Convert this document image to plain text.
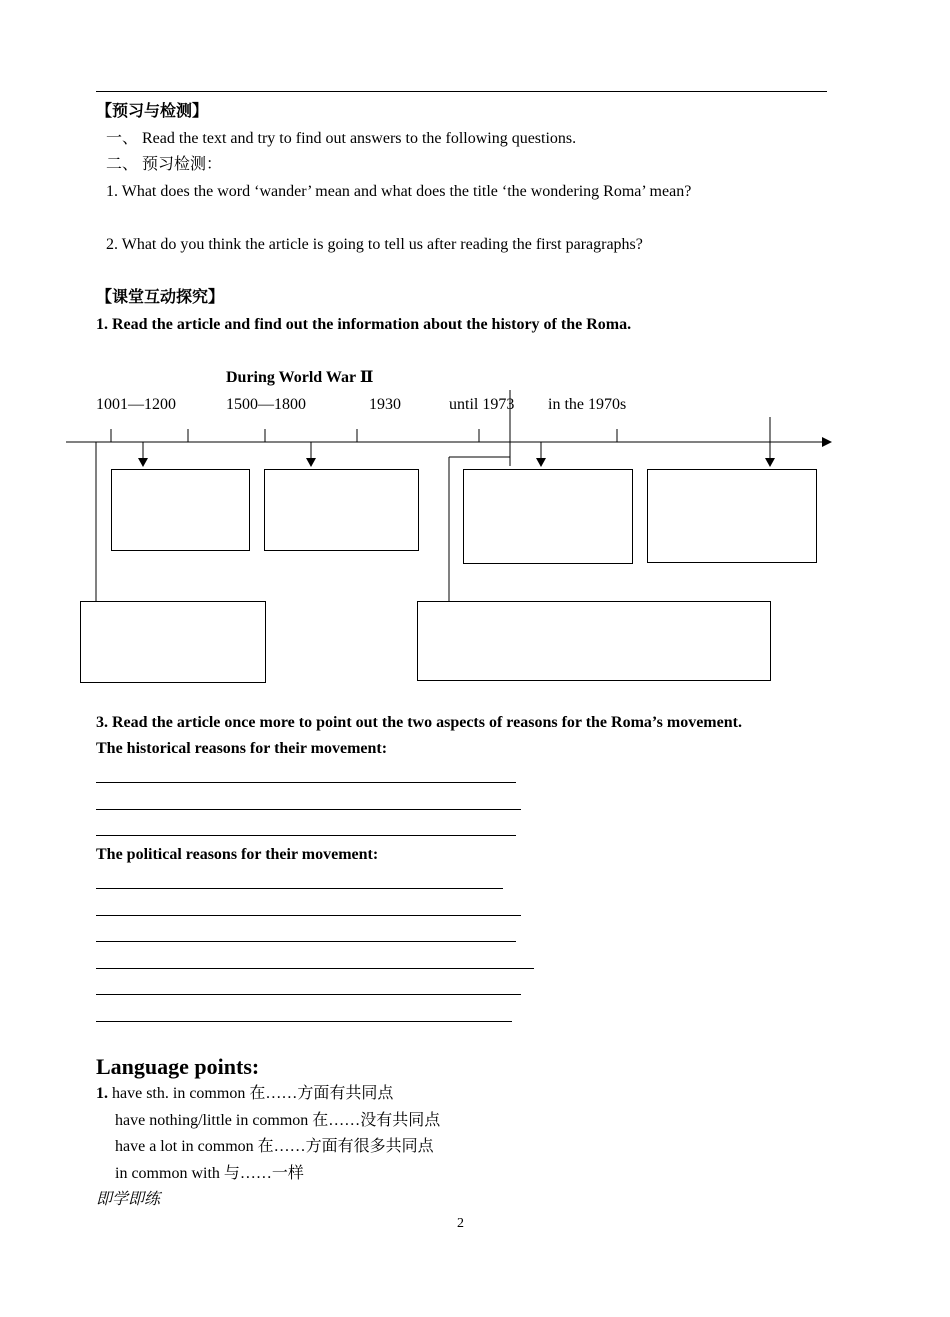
【预习与检测】
一、 Read the text and try to find out answers to the following questions.
二、 预习检测：
1. What does the word ‘wander’ mean and what does the title ‘the wondering Roma’ mean?
2. What do you think the article is going to tell us after reading the first paragraphs?
【课堂互动探究】
1. Read the article and find out the information about the history of the Roma.
During World War Ⅱ
1001—1200	1500—1800	1930	until 1973 in the 1970s
3. Read the article once more to point out the two aspects of reasons for the Roma’s movement.
The historical reasons for their movement:
The political reasons for their movement:
Language points:
1. have sth. in common 在……方面有共同点
have nothing/little in common 在……没有共同点
have a lot in common 在……方面有很多共同点
in common with 与……一样
即学即练
2
